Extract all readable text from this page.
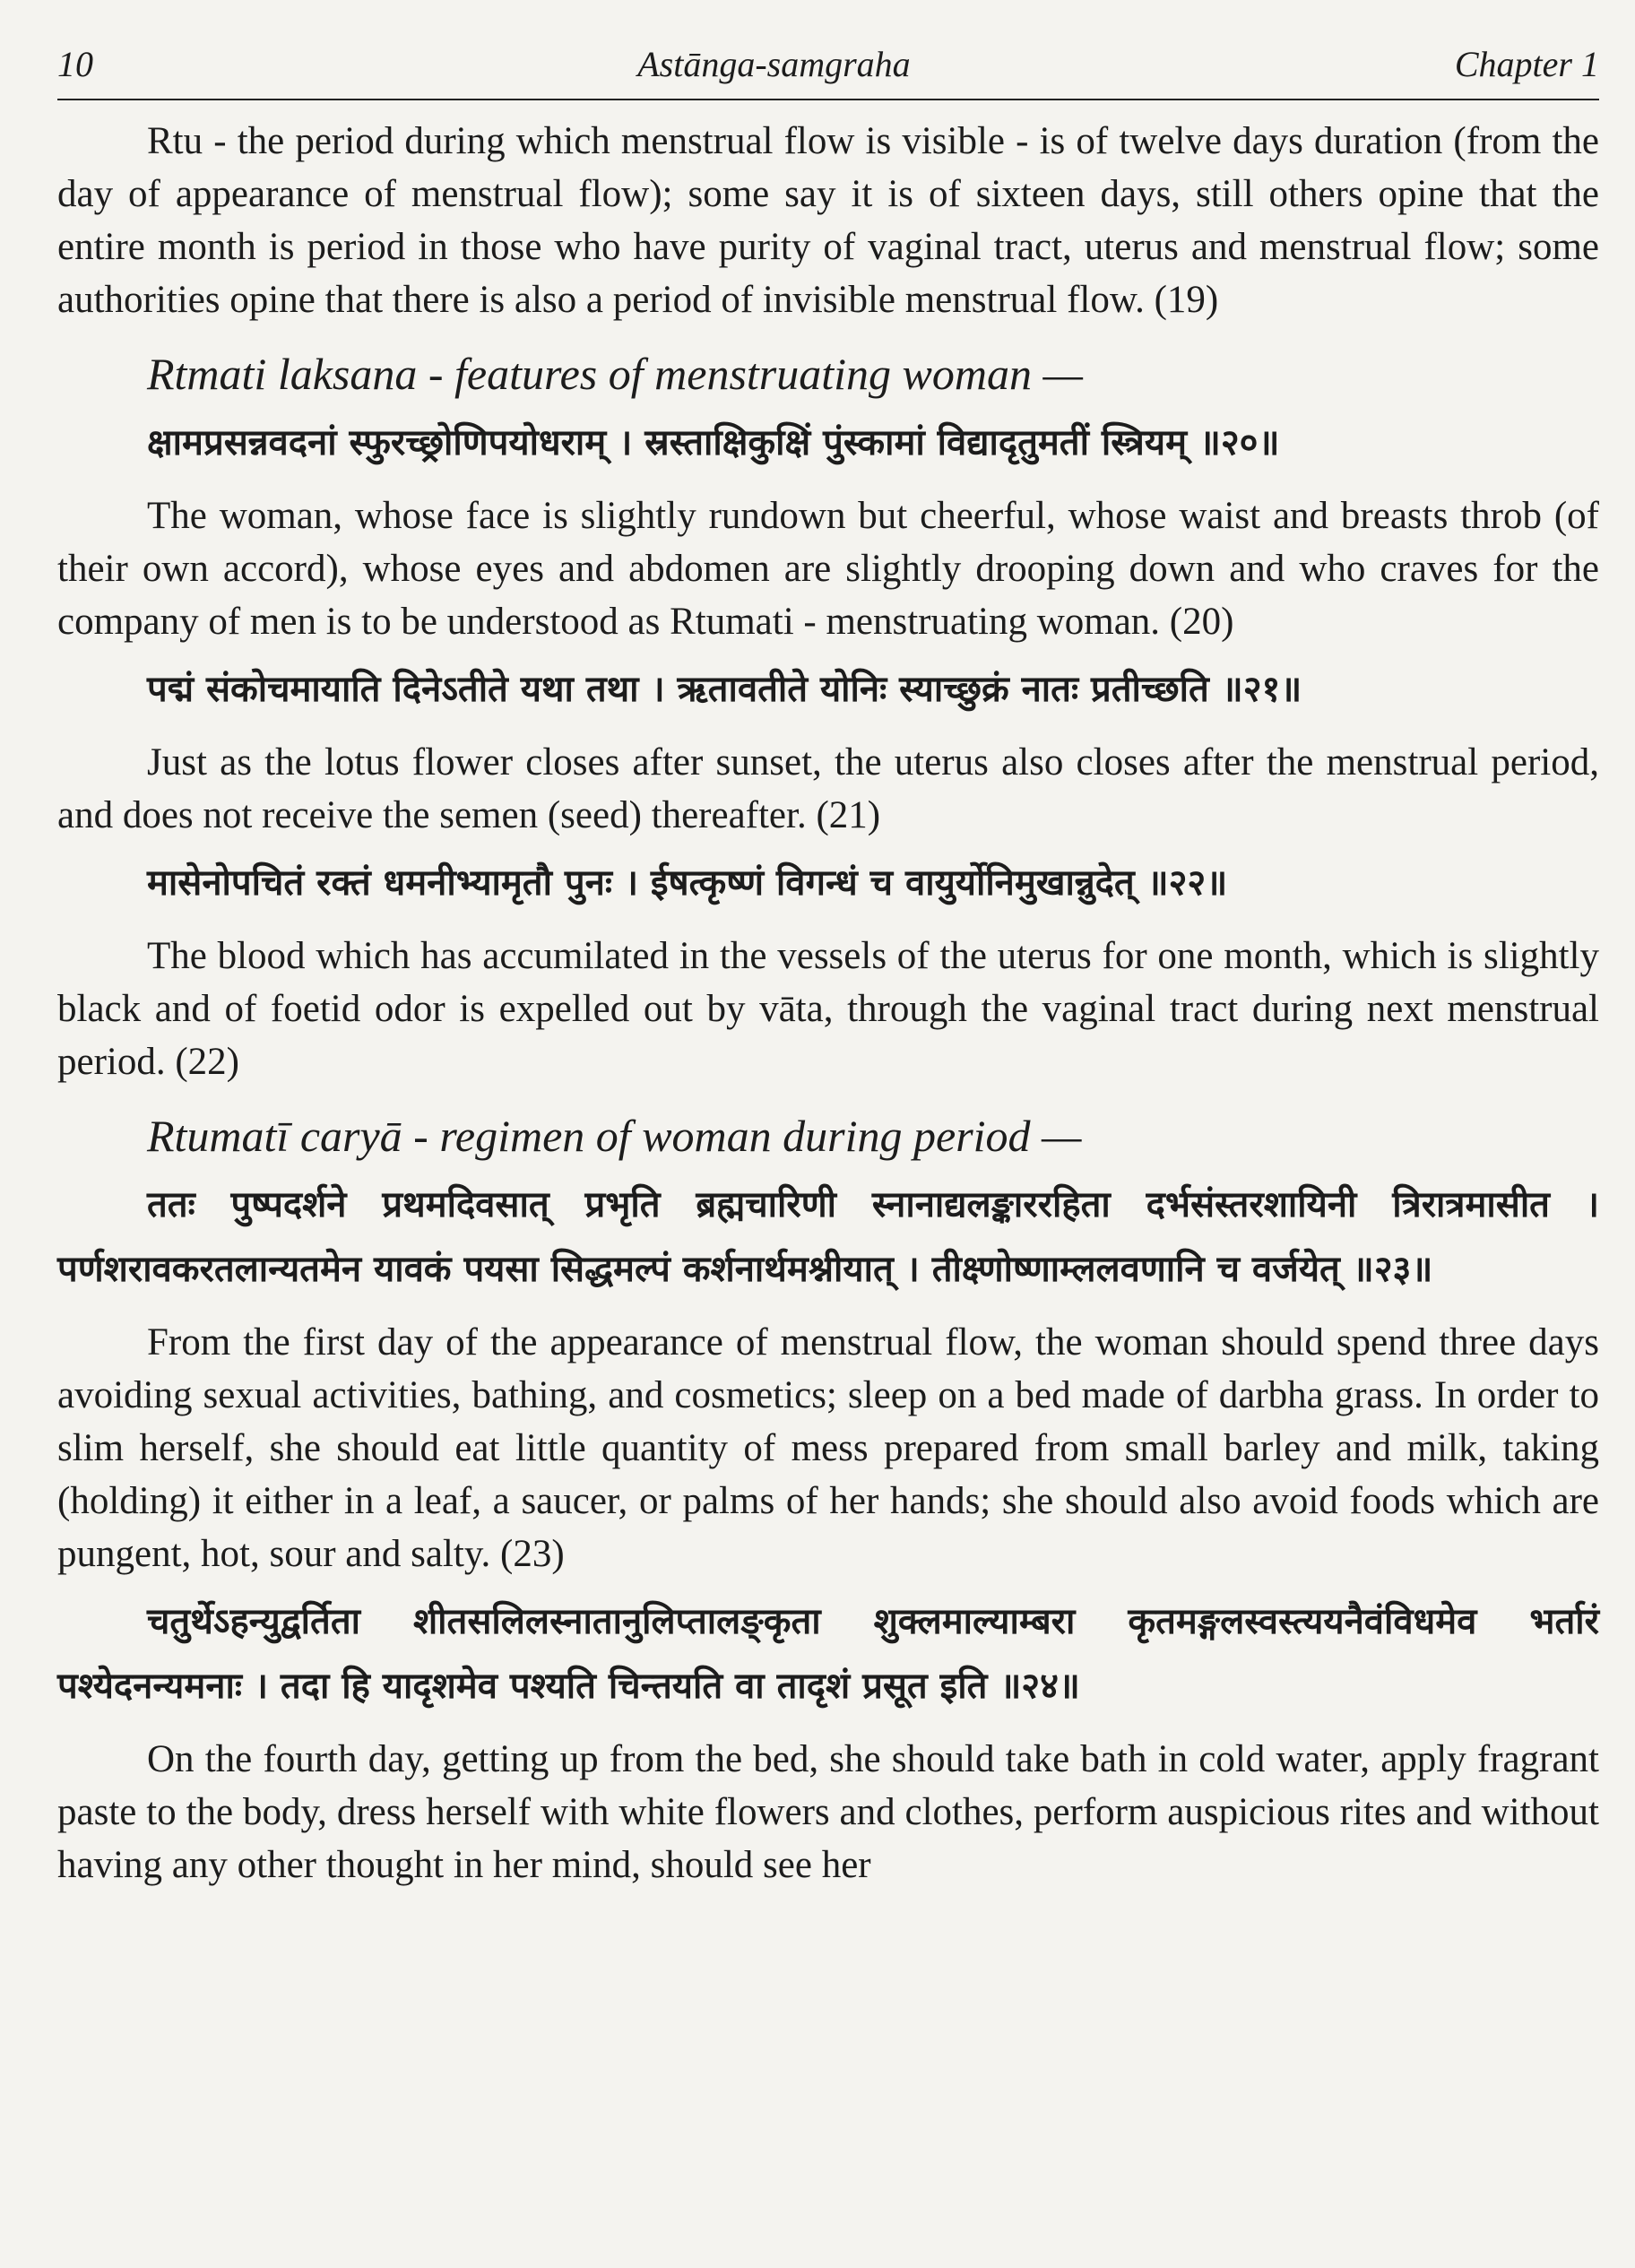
10	Astānga-samgraha	Chapter 1

Rtu - the period during which menstrual flow is visible - is of twelve days duration (from the day of appearance of menstrual flow); some say it is of sixteen days, still others opine that the entire month is period in those who have purity of vaginal tract, uterus and menstrual flow; some authorities opine that there is also a period of invisible menstrual flow. (19)

Rtmati laksana - features of menstruating woman —

क्षामप्रसन्नवदनां स्फुरच्छ्रोणिपयोधराम् । स्रस्ताक्षिकुक्षिं पुंस्कामां विद्यादृतुमतीं स्त्रियम् ॥२०॥

The woman, whose face is slightly rundown but cheerful, whose waist and breasts throb (of their own accord), whose eyes and abdomen are slightly drooping down and who craves for the company of men is to be understood as Rtumati - menstruating woman. (20)

पद्मं संकोचमायाति दिनेऽतीते यथा तथा । ऋतावतीते योनिः स्याच्छुक्रं नातः प्रतीच्छति ॥२१॥

Just as the lotus flower closes after sunset, the uterus also closes after the menstrual period, and does not receive the semen (seed) thereafter. (21)

मासेनोपचितं रक्तं धमनीभ्यामृतौ पुनः । ईषत्कृष्णं विगन्धं च वायुर्योनिमुखान्नुदेत् ॥२२॥

The blood which has accumilated in the vessels of the uterus for one month, which is slightly black and of foetid odor is expelled out by vāta, through the vaginal tract during next menstrual period. (22)

Rtumatī caryā - regimen of woman during period —

ततः पुष्पदर्शने प्रथमदिवसात् प्रभृति ब्रह्मचारिणी स्नानाद्यलङ्काररहिता दर्भसंस्तरशायिनी त्रिरात्रमासीत । पर्णशरावकरतलान्यतमेन यावकं पयसा सिद्धमल्पं कर्शनार्थमश्नीयात् । तीक्ष्णोष्णाम्ललवणानि च वर्जयेत् ॥२३॥

From the first day of the appearance of menstrual flow, the woman should spend three days avoiding sexual activities, bathing, and cosmetics; sleep on a bed made of darbha grass. In order to slim herself, she should eat little quantity of mess prepared from small barley and milk, taking (holding) it either in a leaf, a saucer, or palms of her hands; she should also avoid foods which are pungent, hot, sour and salty. (23)

चतुर्थेऽहन्युद्वर्तिता शीतसलिलस्नातानुलिप्तालङ्कृता शुक्लमाल्याम्बरा कृतमङ्गलस्वस्त्ययनैवंविधमेव भर्तारं पश्येदनन्यमनाः । तदा हि यादृशमेव पश्यति चिन्तयति वा तादृशं प्रसूत इति ॥२४॥

On the fourth day, getting up from the bed, she should take bath in cold water, apply fragrant paste to the body, dress herself with white flowers and clothes, perform auspicious rites and without having any other thought in her mind, should see her
